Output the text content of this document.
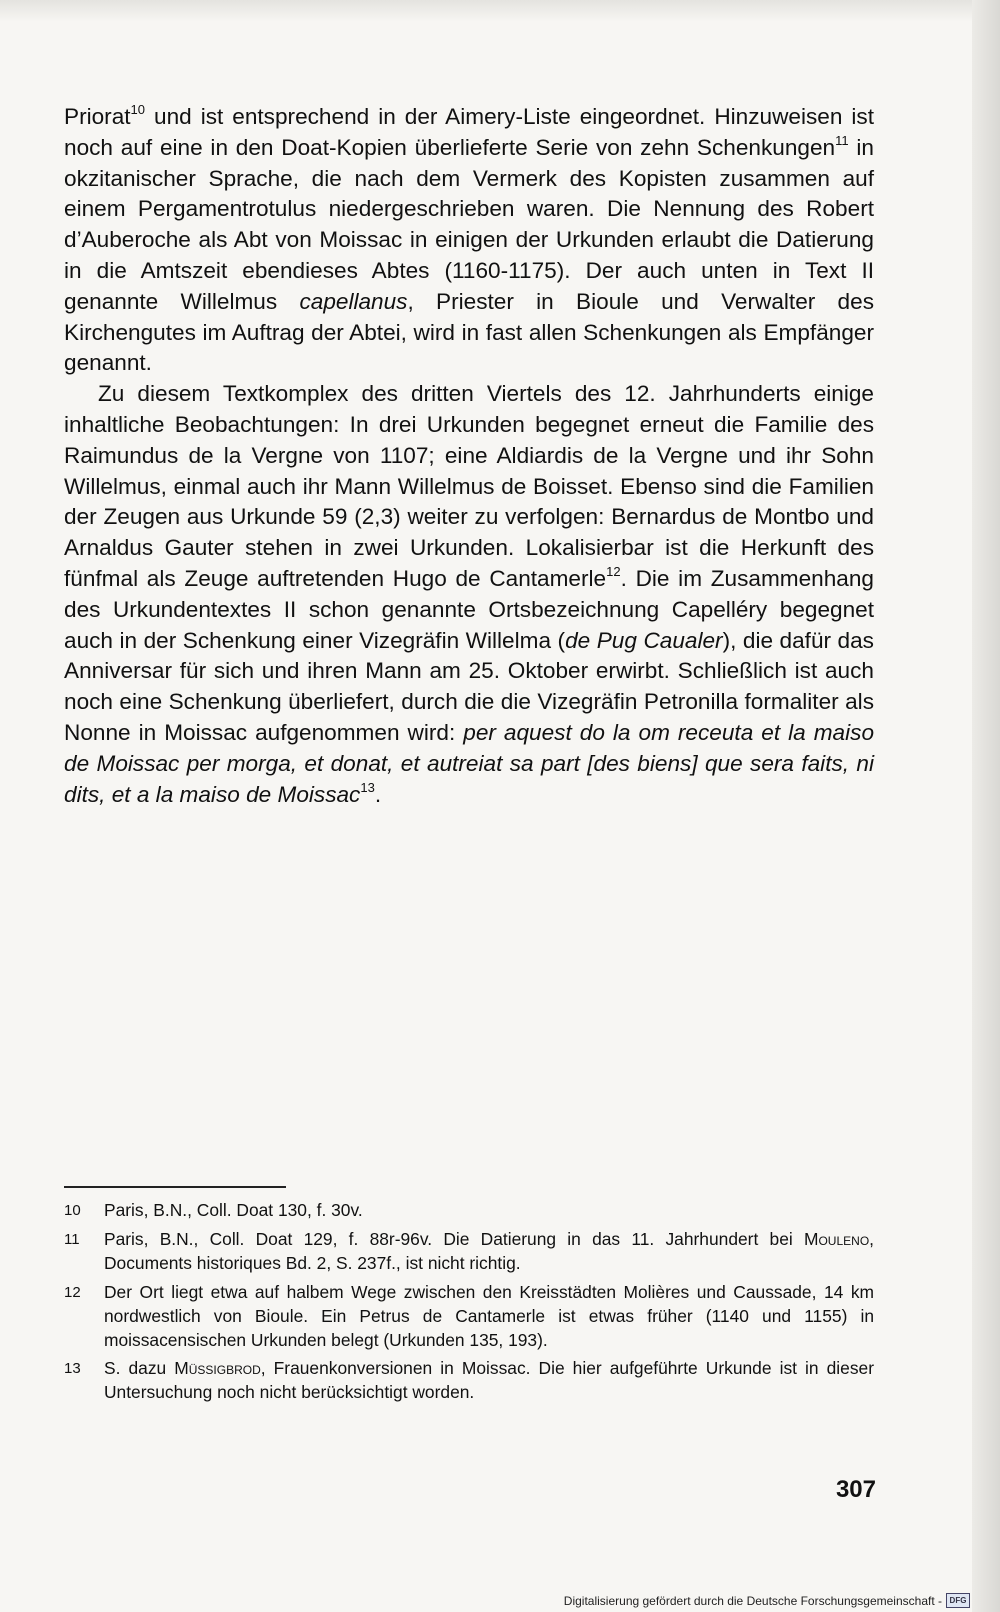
Priorat$^{10}$ und ist entsprechend in der Aimery-Liste eingeordnet. Hinzuweisen ist noch auf eine in den Doat-Kopien überlieferte Serie von zehn Schenkungen$^{11}$ in okzitanischer Sprache, die nach dem Vermerk des Kopisten zusammen auf einem Pergamentrotulus niedergeschrieben waren. Die Nennung des Robert d’Auberoche als Abt von Moissac in einigen der Urkunden erlaubt die Datierung in die Amtszeit ebendieses Abtes (1160-1175). Der auch unten in Text II genannte Willelmus capellanus, Priester in Bioule und Verwalter des Kirchengutes im Auftrag der Abtei, wird in fast allen Schenkungen als Empfänger genannt.

Zu diesem Textkomplex des dritten Viertels des 12. Jahrhunderts einige inhaltliche Beobachtungen: In drei Urkunden begegnet erneut die Familie des Raimundus de la Vergne von 1107; eine Aldiardis de la Vergne und ihr Sohn Willelmus, einmal auch ihr Mann Willelmus de Boisset. Ebenso sind die Familien der Zeugen aus Urkunde 59 (2,3) weiter zu verfolgen: Bernardus de Montbo und Arnaldus Gauter stehen in zwei Urkunden. Lokalisierbar ist die Herkunft des fünfmal als Zeuge auftretenden Hugo de Cantamerle$^{12}$. Die im Zusammenhang des Urkundentextes II schon genannte Ortsbezeichnung Capelléry begegnet auch in der Schenkung einer Vizegräfin Willelma (de Pug Caualer), die dafür das Anniversar für sich und ihren Mann am 25. Oktober erwirbt. Schließlich ist auch noch eine Schenkung überliefert, durch die die Vizegräfin Petronilla formaliter als Nonne in Moissac aufgenommen wird: per aquest do la om receuta et la maiso de Moissac per morga, et donat, et autreiat sa part [des biens] que sera faits, ni dits, et a la maiso de Moissac$^{13}$.

10	Paris, B.N., Coll. Doat 130, f. 30v.
11	Paris, B.N., Coll. Doat 129, f. 88r-96v. Die Datierung in das 11. Jahrhundert bei Mouleno, Documents historiques Bd. 2, S. 237f., ist nicht richtig.
12	Der Ort liegt etwa auf halbem Wege zwischen den Kreisstädten Molières und Caussade, 14 km nordwestlich von Bioule. Ein Petrus de Cantamerle ist etwas früher (1140 und 1155) in moissacensischen Urkunden belegt (Urkunden 135, 193).
13	S. dazu Müssigbrod, Frauenkonversionen in Moissac. Die hier aufgeführte Urkunde ist in dieser Untersuchung noch nicht berücksichtigt worden.
307
Digitalisierung gefördert durch die Deutsche Forschungsgemeinschaft - DFG
